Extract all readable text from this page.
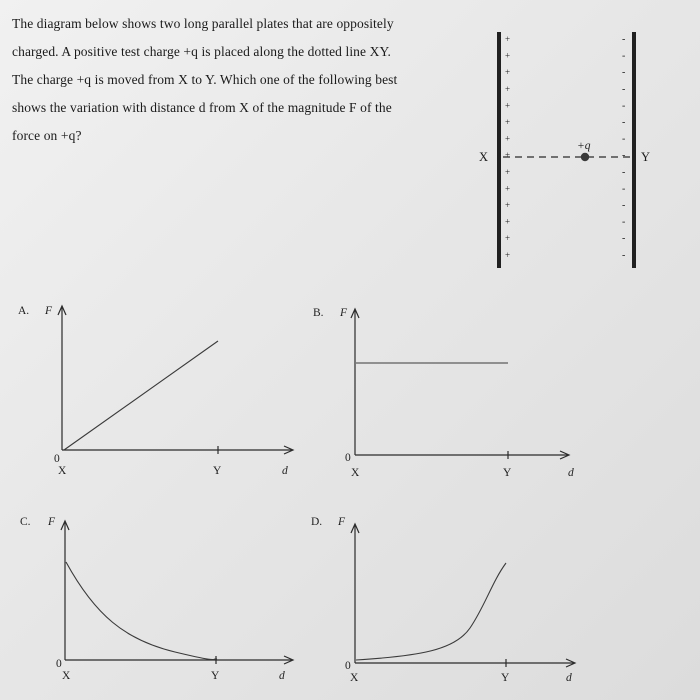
The diagram below shows two long parallel plates that are oppositely
charged. A positive test charge +q is placed along the dotted line XY.
The charge +q is moved from X to Y. Which one of the following best
shows the variation with distance d from X of the magnitude F of the
force on +q?
+
+
+
+
+
+
+
+
+
+
+
+
+
+
-
-
-
-
-
-
-
-
-
-
-
-
-
-
+q
0
X	Y	d
A. F
0
X	Y	d
B. F
0
X	Y	d
C. F
0
X	Y	d
D. F
X	Y
